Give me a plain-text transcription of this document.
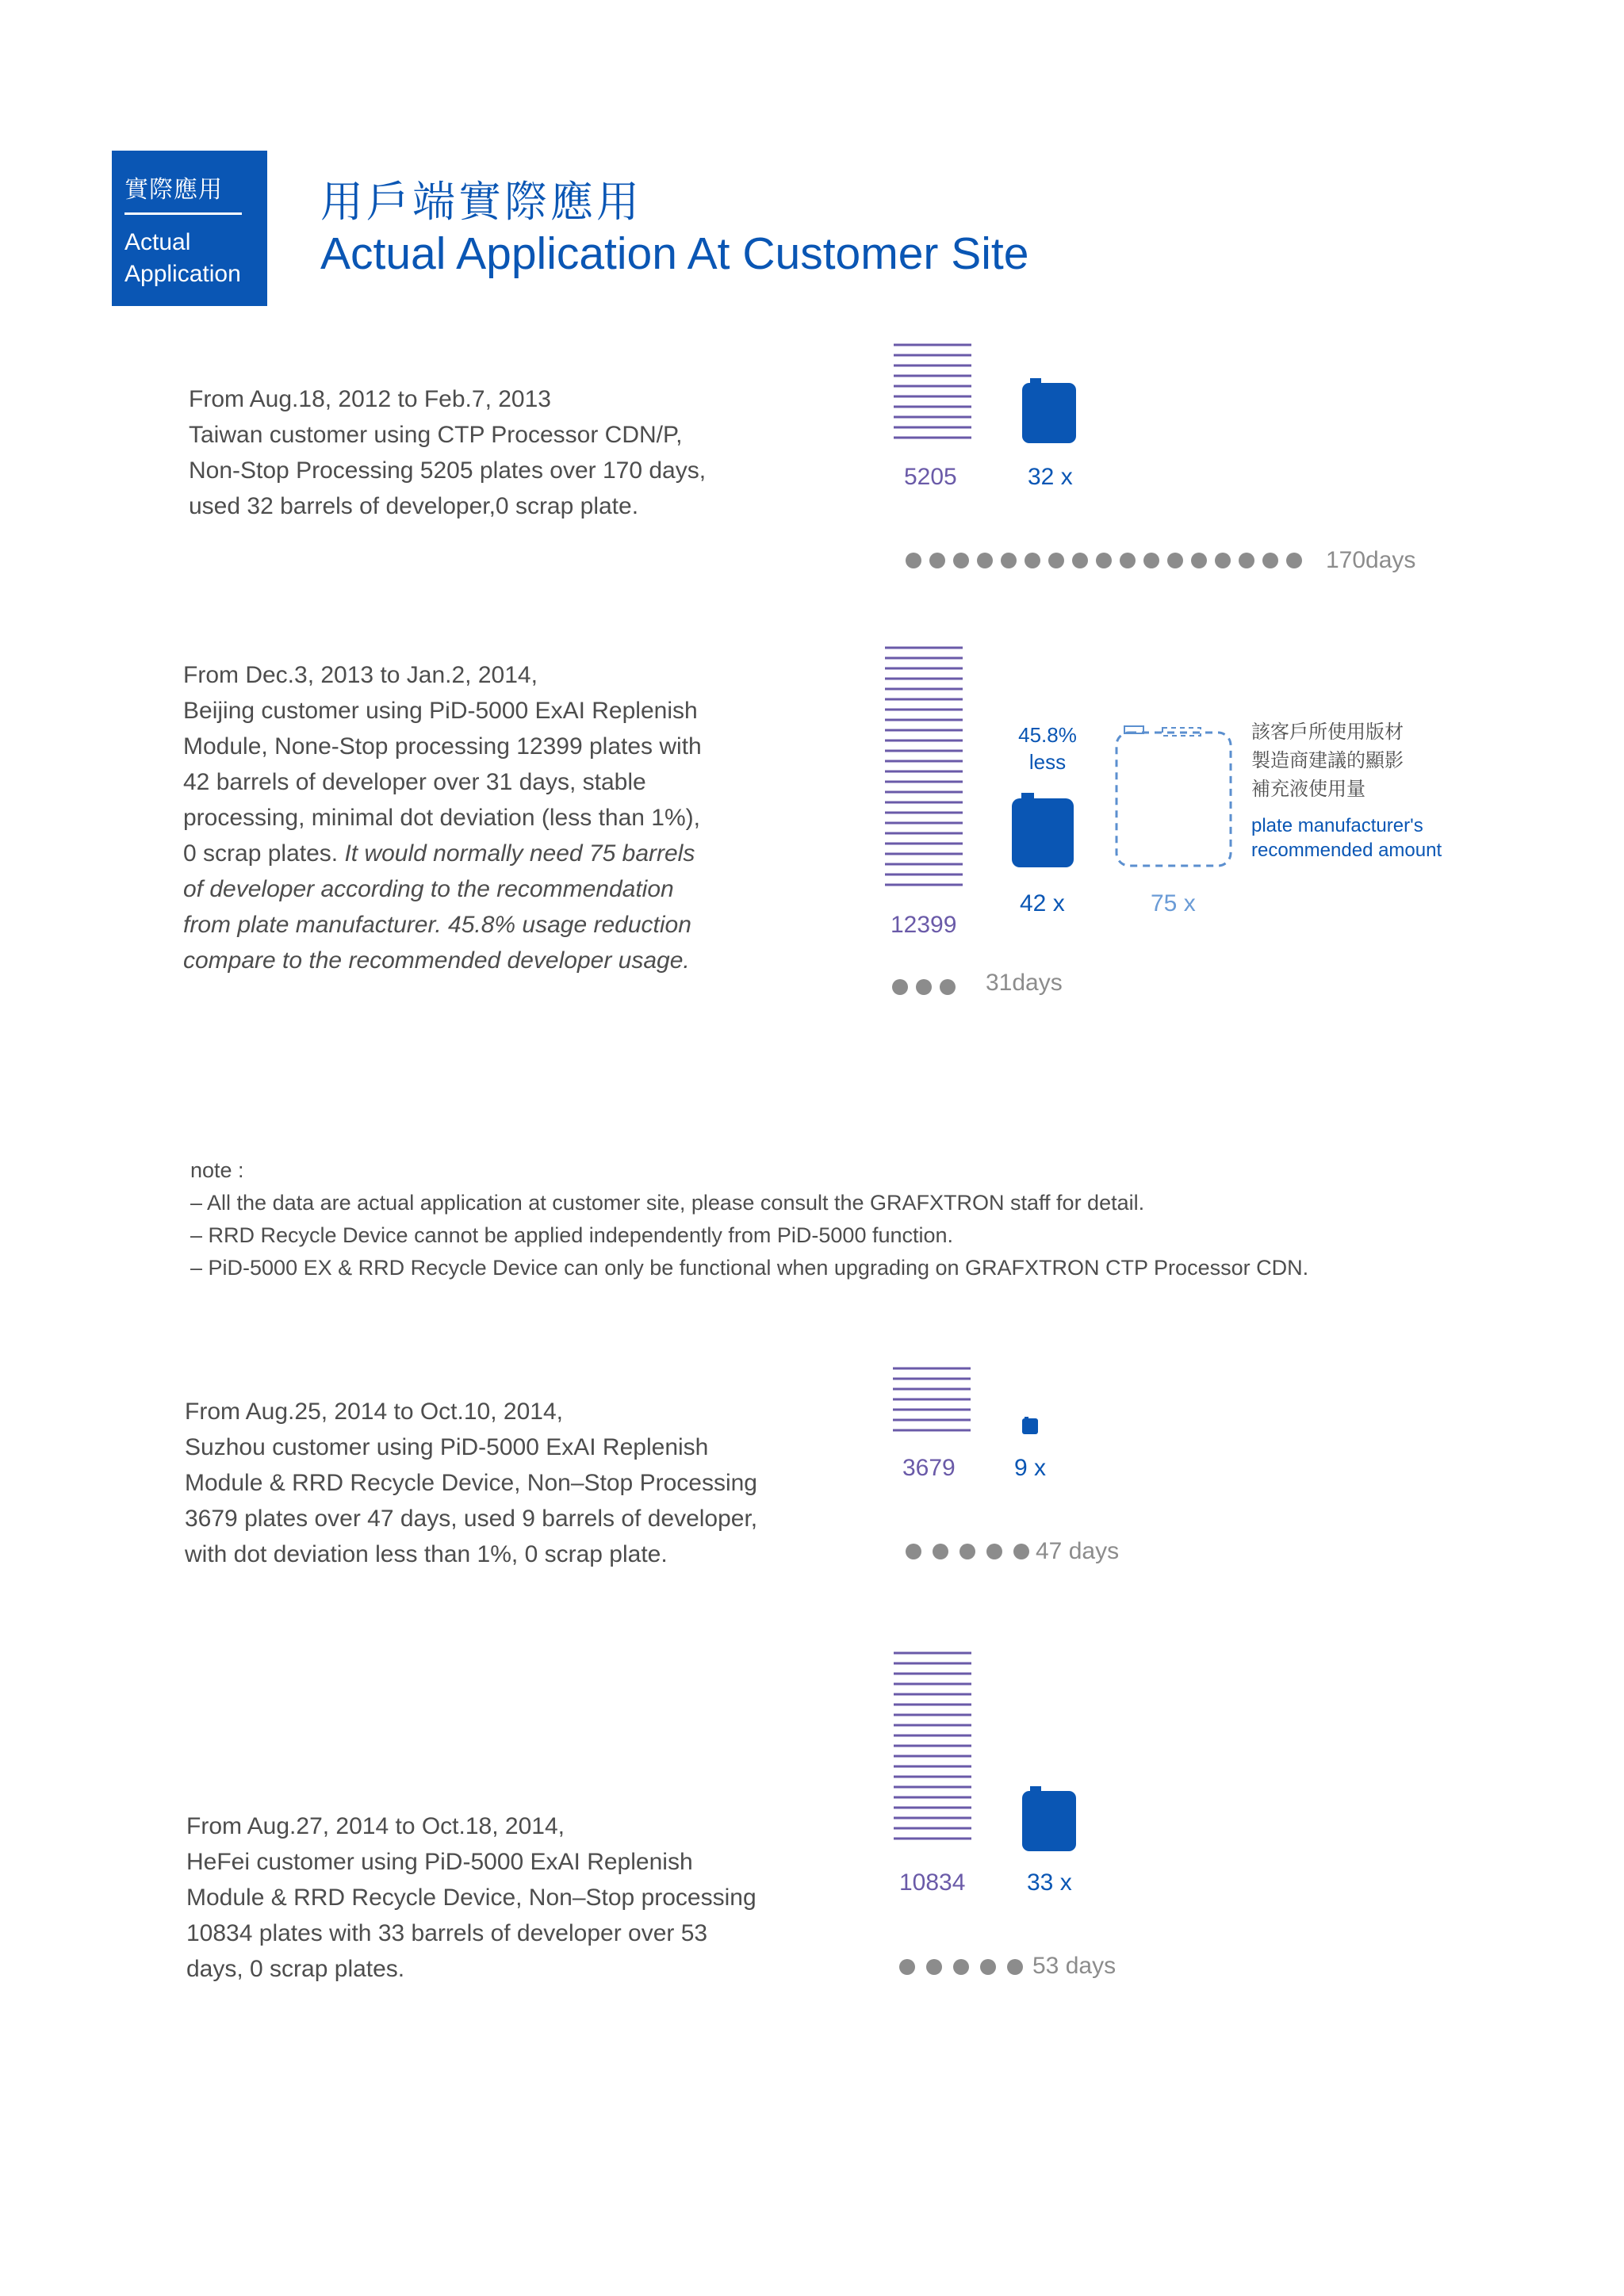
實際應用
Actual
Application
用戶端實際應用
Actual Application At Customer Site
From Aug.18, 2012 to Feb.7, 2013
Taiwan customer using CTP Processor CDN/P,
Non-Stop Processing 5205 plates over 170 days,
used 32 barrels of developer,0 scrap plate.
5205	32 x
170days
From Dec.3, 2013 to Jan.2, 2014,
Beijing customer using PiD-5000 ExAI Replenish
Module, None-Stop processing 12399 plates with
42 barrels of developer over 31 days, stable
processing, minimal dot deviation (less than 1%),
0 scrap plates. It would normally need 75 barrels
of developer according to the recommendation
from plate manufacturer. 45.8% usage reduction
compare to the recommended developer usage.
12399
45.8%
less
42 x	75 x
該客戶所使用版材
製造商建議的顯影
補充液使用量
plate manufacturer's
recommended amount
31days
note :
– All the data are actual application at customer site, please consult the GRAFXTRON staff for detail.
– RRD Recycle Device cannot be applied independently from PiD-5000 function.
– PiD-5000 EX & RRD Recycle Device can only be functional when upgrading on GRAFXTRON CTP Processor CDN.
From Aug.25, 2014 to Oct.10, 2014,
Suzhou customer using PiD-5000 ExAI Replenish
Module & RRD Recycle Device, Non–Stop Processing
3679 plates over 47 days, used 9 barrels of developer,
with dot deviation less than 1%, 0 scrap plate.
3679 9 x
47 days
From Aug.27, 2014 to Oct.18, 2014,
HeFei customer using PiD-5000 ExAI Replenish
Module & RRD Recycle Device, Non–Stop processing
10834 plates with 33 barrels of developer over 53
days, 0 scrap plates.
10834	33 x
53 days
